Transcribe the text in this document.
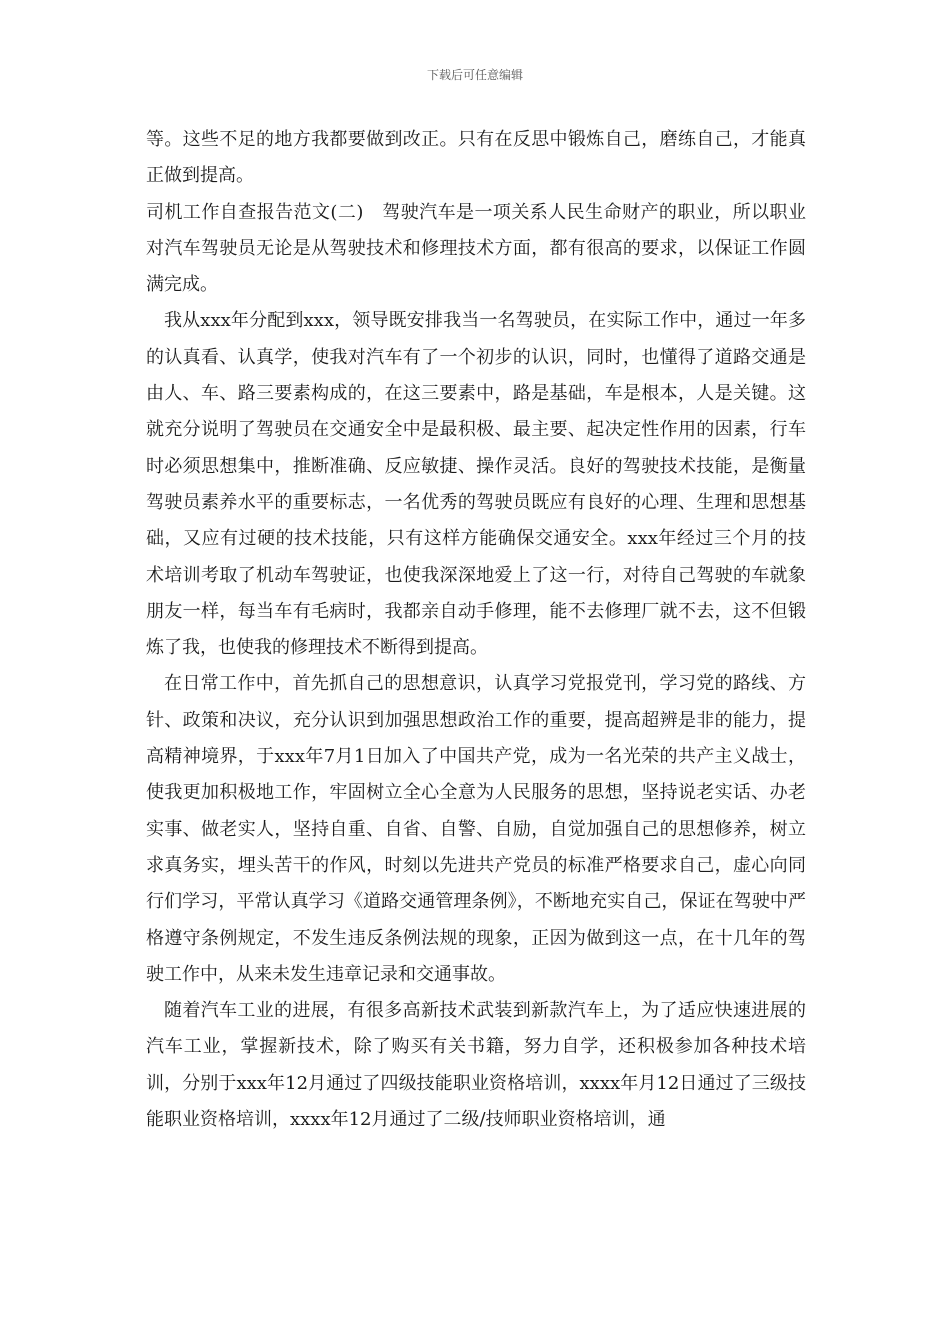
下载后可任意编辑

等。这些不足的地方我都要做到改正。只有在反思中锻炼自己，磨练自己，才能真正做到提高。

司机工作自查报告范文(二)　驾驶汽车是一项关系人民生命财产的职业，所以职业对汽车驾驶员无论是从驾驶技术和修理技术方面，都有很高的要求，以保证工作圆满完成。

我从xxx年分配到xxx，领导既安排我当一名驾驶员，在实际工作中，通过一年多的认真看、认真学，使我对汽车有了一个初步的认识，同时，也懂得了道路交通是由人、车、路三要素构成的，在这三要素中，路是基础，车是根本，人是关键。这就充分说明了驾驶员在交通安全中是最积极、最主要、起决定性作用的因素，行车时必须思想集中，推断准确、反应敏捷、操作灵活。良好的驾驶技术技能，是衡量驾驶员素养水平的重要标志，一名优秀的驾驶员既应有良好的心理、生理和思想基础，又应有过硬的技术技能，只有这样方能确保交通安全。xxx年经过三个月的技术培训考取了机动车驾驶证，也使我深深地爱上了这一行，对待自己驾驶的车就象朋友一样，每当车有毛病时，我都亲自动手修理，能不去修理厂就不去，这不但锻炼了我，也使我的修理技术不断得到提高。

在日常工作中，首先抓自己的思想意识，认真学习党报党刊，学习党的路线、方针、政策和决议，充分认识到加强思想政治工作的重要，提高超辨是非的能力，提高精神境界，于xxx年7月1日加入了中国共产党，成为一名光荣的共产主义战士，使我更加积极地工作，牢固树立全心全意为人民服务的思想，坚持说老实话、办老实事、做老实人，坚持自重、自省、自警、自励，自觉加强自己的思想修养，树立求真务实，埋头苦干的作风，时刻以先进共产党员的标准严格要求自己，虚心向同行们学习，平常认真学习《道路交通管理条例》，不断地充实自己，保证在驾驶中严格遵守条例规定，不发生违反条例法规的现象，正因为做到这一点，在十几年的驾驶工作中，从来未发生违章记录和交通事故。

随着汽车工业的进展，有很多高新技术武装到新款汽车上，为了适应快速进展的汽车工业，掌握新技术，除了购买有关书籍，努力自学，还积极参加各种技术培训，分别于xxx年12月通过了四级技能职业资格培训，xxxx年月12日通过了三级技能职业资格培训，xxxx年12月通过了二级/技师职业资格培训，通
